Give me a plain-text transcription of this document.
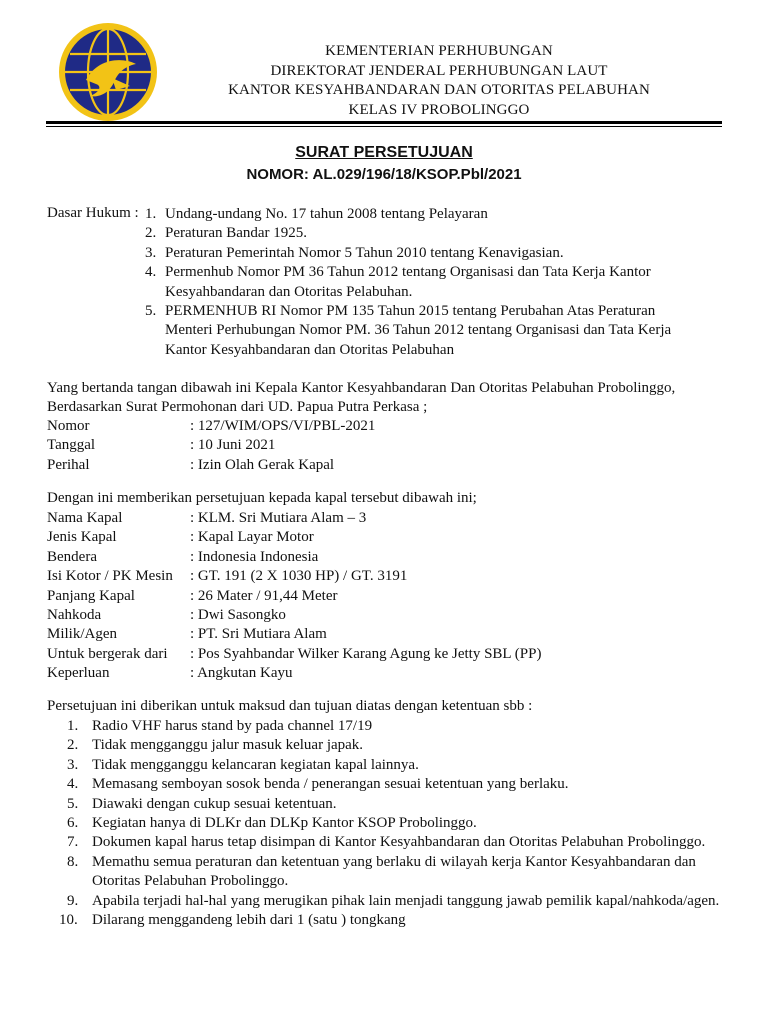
KEMENTERIAN PERHUBUNGAN
DIREKTORAT JENDERAL PERHUBUNGAN LAUT
KANTOR KESYAHBANDARAN DAN OTORITAS PELABUHAN
KELAS IV PROBOLINGGO
SURAT PERSETUJUAN
NOMOR: AL.029/196/18/KSOP.Pbl/2021
Dasar Hukum : 1. Undang-undang No. 17 tahun 2008 tentang Pelayaran
2. Peraturan Bandar 1925.
3. Peraturan Pemerintah Nomor 5 Tahun 2010 tentang Kenavigasian.
4. Permenhub Nomor PM 36 Tahun 2012 tentang Organisasi dan Tata Kerja Kantor Kesyahbandaran dan Otoritas Pelabuhan.
5. PERMENHUB RI Nomor PM 135 Tahun 2015 tentang Perubahan Atas Peraturan Menteri Perhubungan Nomor PM. 36 Tahun 2012 tentang Organisasi dan Tata Kerja Kantor Kesyahbandaran dan Otoritas Pelabuhan
Yang bertanda tangan dibawah ini Kepala Kantor Kesyahbandaran Dan Otoritas Pelabuhan Probolinggo, Berdasarkan Surat Permohonan dari UD. Papua Putra Perkasa ;
Nomor	: 127/WIM/OPS/VI/PBL-2021
Tanggal	: 10 Juni 2021
Perihal	: Izin Olah Gerak Kapal
Dengan ini memberikan persetujuan kepada kapal tersebut dibawah ini;
Nama Kapal	: KLM. Sri Mutiara Alam – 3
Jenis Kapal	: Kapal Layar Motor
Bendera	: Indonesia Indonesia
Isi Kotor / PK Mesin : GT. 191 (2 X 1030 HP) / GT. 3191
Panjang Kapal	: 26 Mater / 91,44 Meter
Nahkoda	: Dwi Sasongko
Milik/Agen	: PT. Sri Mutiara Alam
Untuk bergerak dari : Pos Syahbandar Wilker Karang Agung ke Jetty SBL (PP)
Keperluan	: Angkutan Kayu
Persetujuan ini diberikan untuk maksud dan tujuan diatas dengan ketentuan sbb :
1. Radio VHF harus stand by pada channel 17/19
2. Tidak mengganggu jalur masuk keluar japak.
3. Tidak mengganggu kelancaran kegiatan kapal lainnya.
4. Memasang semboyan sosok benda / penerangan sesuai ketentuan yang berlaku.
5. Diawaki dengan cukup sesuai ketentuan.
6. Kegiatan hanya di DLKr dan DLKp Kantor KSOP Probolinggo.
7. Dokumen kapal harus tetap disimpan di Kantor Kesyahbandaran dan Otoritas Pelabuhan Probolinggo.
8. Memathu semua peraturan dan ketentuan yang berlaku di wilayah kerja Kantor Kesyahbandaran dan Otoritas Pelabuhan Probolinggo.
9. Apabila terjadi hal-hal yang merugikan pihak lain menjadi tanggung jawab pemilik kapal/nahkoda/agen.
10. Dilarang menggandeng lebih dari 1 (satu ) tongkang
